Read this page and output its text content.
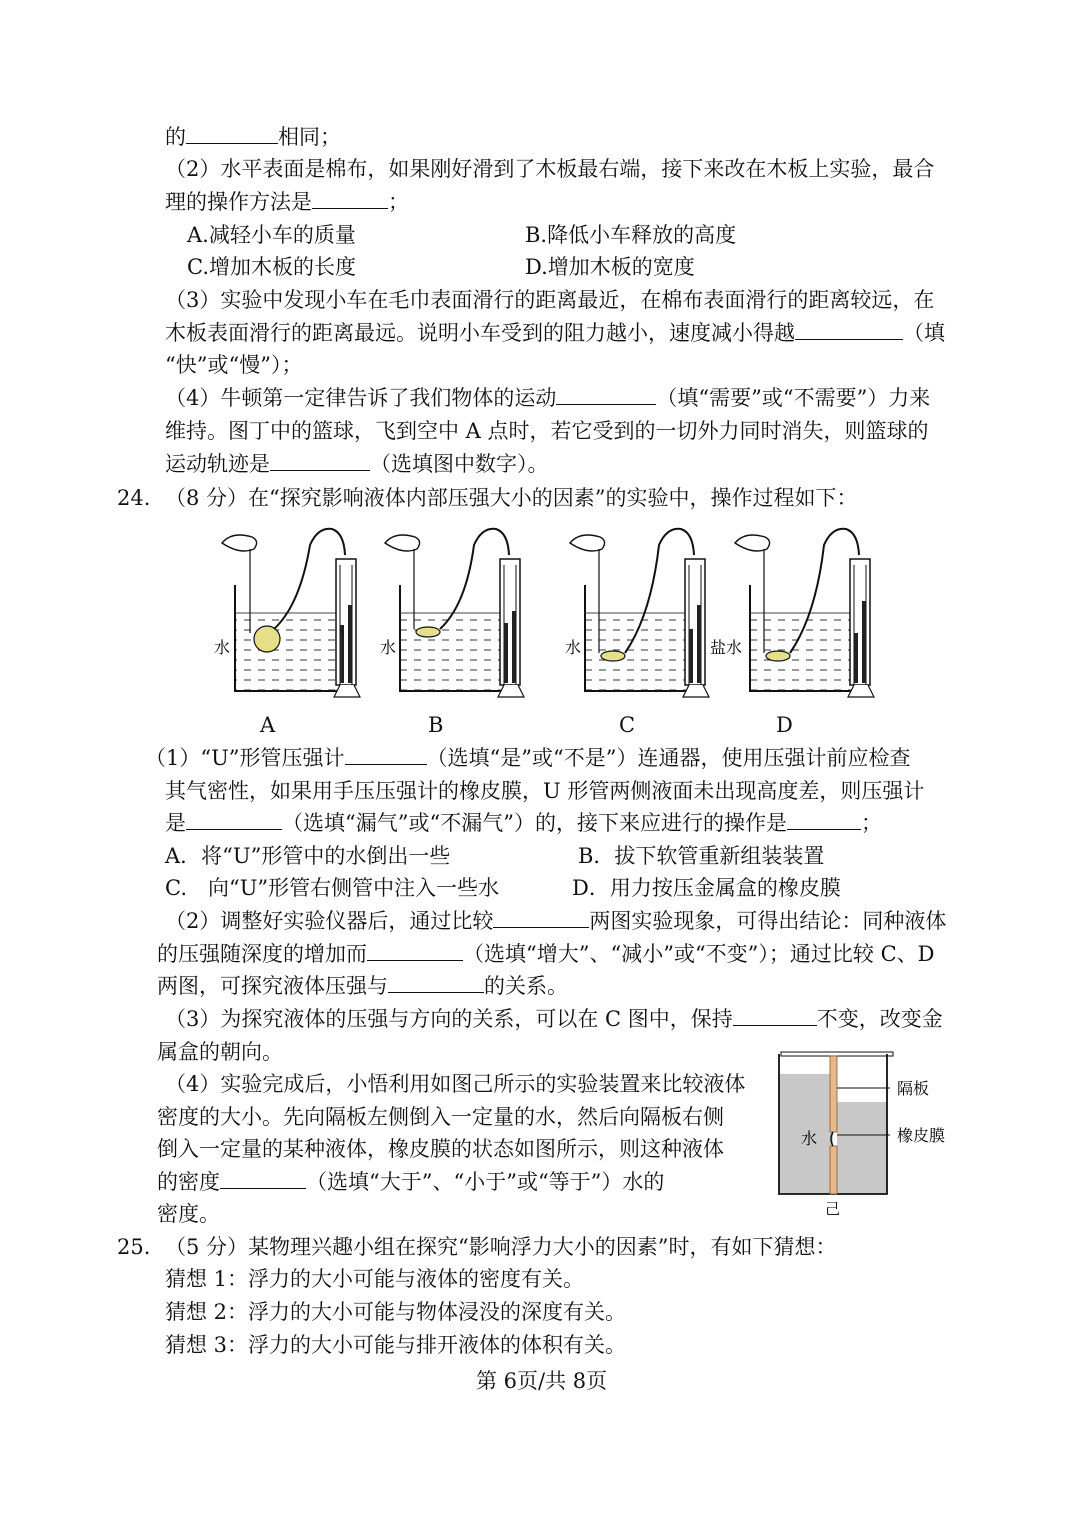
的	相同；
（2）水平表面是棉布，如果刚好滑到了木板最右端，接下来改在木板上实验，最合
理的操作方法是	；
A.减轻小车的质量	B.降低小车释放的高度
C.增加木板的长度	D.增加木板的宽度
（3）实验中发现小车在毛巾表面滑行的距离最近，在棉布表面滑行的距离较远，在
木板表面滑行的距离最远。说明小车受到的阻力越小，速度减小得越	（填
“快”或“慢”）；
（4）牛顿第一定律告诉了我们物体的运动	（填“需要”或“不需要”）力来
维持。图丁中的篮球，飞到空中 A 点时，若它受到的一切外力同时消失，则篮球的
运动轨迹是	（选填图中数字）。
24. （8 分）在“探究影响液体内部压强大小的因素”的实验中，操作过程如下：
水	水	水	盐水
A	B	C	D
（1）“U”形管压强计	（选填“是”或“不是”）连通器，使用压强计前应检查
其气密性，如果用手压压强计的橡皮膜，U 形管两侧液面未出现高度差，则压强计
是	（选填“漏气”或“不漏气”）的，接下来应进行的操作是	；
A．将“U”形管中的水倒出一些	B．拔下软管重新组装装置
C.　向“U”形管右侧管中注入一些水	D．用力按压金属盒的橡皮膜
（2）调整好实验仪器后，通过比较	两图实验现象，可得出结论：同种液体
的压强随深度的增加而	（选填“增大”、“减小”或“不变”）；通过比较 C、D
两图，可探究液体压强与	的关系。
（3）为探究液体的压强与方向的关系，可以在 C 图中，保持	不变，改变金
属盒的朝向。
（4）实验完成后，小悟利用如图己所示的实验装置来比较液体
密度的大小。先向隔板左侧倒入一定量的水，然后向隔板右侧
倒入一定量的某种液体，橡皮膜的状态如图所示，则这种液体
的密度	（选填“大于”、“小于”或“等于”）水的
密度。
隔板
橡皮膜
水
己
25. （5 分）某物理兴趣小组在探究“影响浮力大小的因素”时，有如下猜想：
猜想 1：浮力的大小可能与液体的密度有关。
猜想 2：浮力的大小可能与物体浸没的深度有关。
猜想 3：浮力的大小可能与排开液体的体积有关。
第 6页/共 8页
